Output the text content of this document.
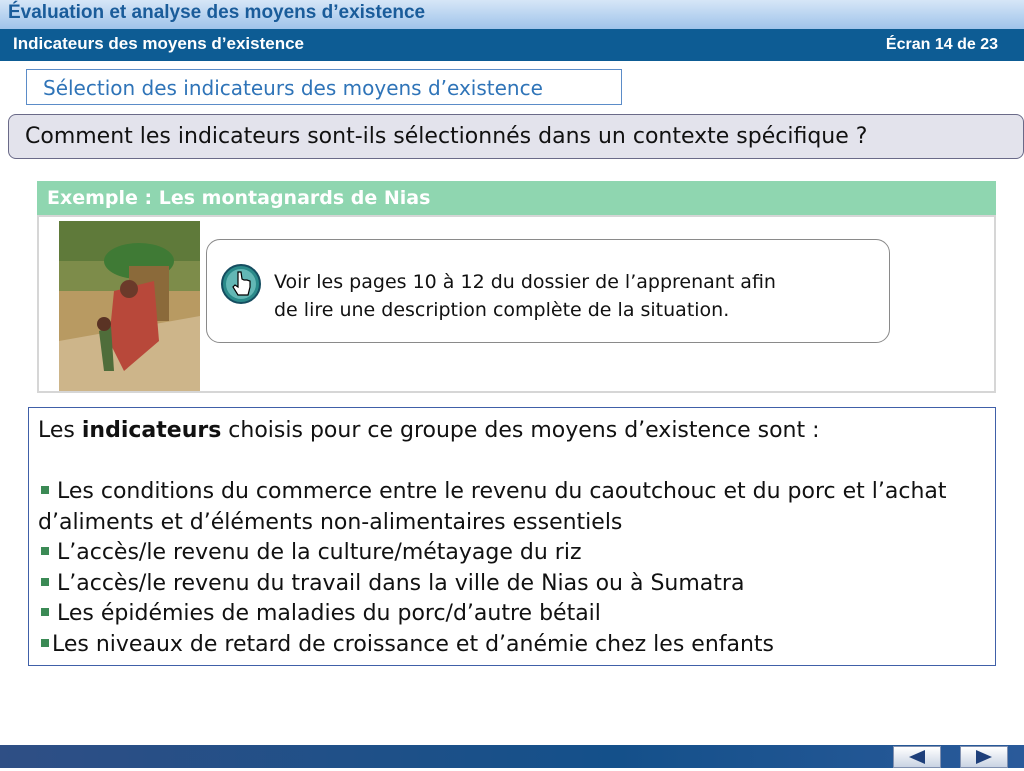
Évaluation et analyse des moyens d’existence
Indicateurs des moyens d’existence	Écran 14 de 23
Sélection des indicateurs des moyens d’existence
Comment les indicateurs sont-ils sélectionnés dans un contexte spécifique ?
Exemple : Les montagnards de Nias
Voir les pages 10 à 12 du dossier de l’apprenant afin
de lire une description complète de la situation.

Les indicateurs choisis pour ce groupe des moyens d’existence sont :

Les conditions du commerce entre le revenu du caoutchouc et du porc et l’achat d’aliments et d’éléments non-alimentaires essentiels

L’accès/le revenu de la culture/métayage du riz

L’accès/le revenu du travail dans la ville de Nias ou à Sumatra

Les épidémies de maladies du porc/d’autre bétail

Les niveaux de retard de croissance et d’anémie chez les enfants
